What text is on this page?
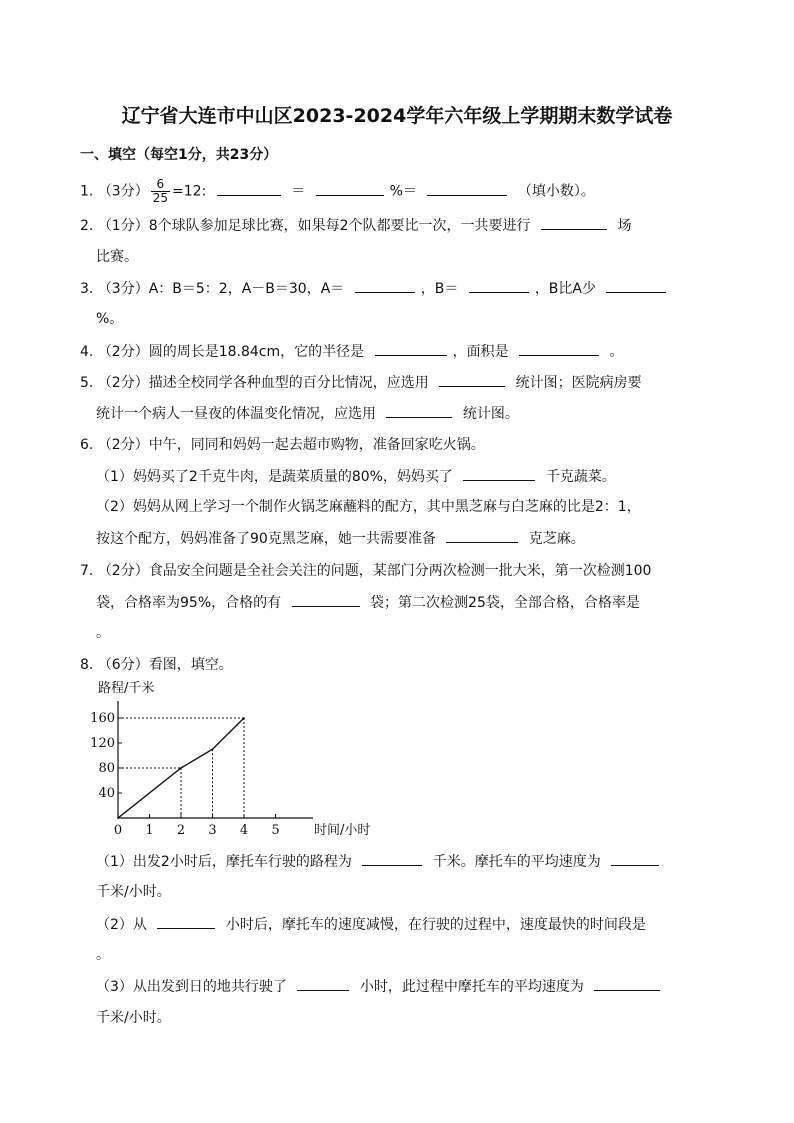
辽宁省大连市中山区2023-2024学年六年级上学期期末数学试卷
一、填空（每空1分，共23分）
1. （3分） $\frac{6}{25} =12$:	＝	%＝	（填小数）。
2. （1分）8个球队参加足球比赛，如果每2个队都要比一次，一共要进行	场
比赛。
3. （3分）A：B＝5：2，A－B＝30，A＝	，B＝	，B比A少
%。
4. （2分）圆的周长是18.84cm，它的半径是	，面积是	。
5. （2分）描述全校同学各种血型的百分比情况，应选用	统计图；医院病房要
统计一个病人一昼夜的体温变化情况，应选用	统计图。
6. （2分）中午，同同和妈妈一起去超市购物，准备回家吃火锅。
（1）妈妈买了2千克牛肉，是蔬菜质量的80%，妈妈买了	千克蔬菜。
（2）妈妈从网上学习一个制作火锅芝麻蘸料的配方，其中黑芝麻与白芝麻的比是2：1，
按这个配方，妈妈准备了90克黑芝麻，她一共需要准备	克芝麻。
7. （2分）食品安全问题是全社会关注的问题，某部门分两次检测一批大米，第一次检测100
袋，合格率为95%，合格的有	袋；第二次检测25袋，全部合格，合格率是
。
8. （6分）看图，填空。
路程/千米
时间/小时
0 1 2 3 4 5
40
80
120
160
（1）出发2小时后，摩托车行驶的路程为	千米。摩托车的平均速度为
千米/小时。
（2）从	小时后，摩托车的速度减慢，在行驶的过程中，速度最快的时间段是
。
（3）从出发到日的地共行驶了	小时，此过程中摩托车的平均速度为
千米/小时。
